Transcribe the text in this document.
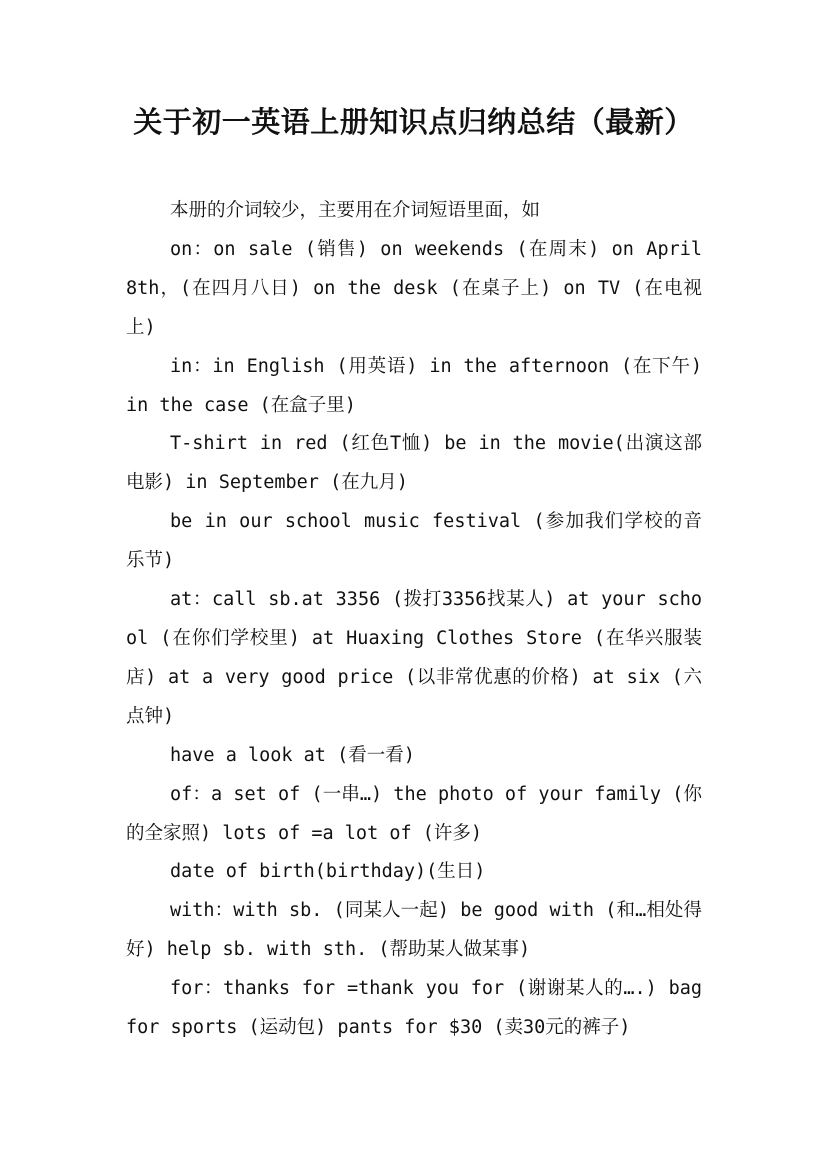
关于初一英语上册知识点归纳总结（最新）

本册的介词较少，主要用在介词短语里面，如

on：on sale (销售) on weekends (在周末) on April 8th，(在四月八日) on the desk (在桌子上) on TV (在电视上)

in：in English (用英语) in the afternoon (在下午) in the case (在盒子里)

T-shirt in red (红色T恤) be in the movie(出演这部电影) in September (在九月)

be in our school music festival (参加我们学校的音乐节)

at：call sb.at 3356 (拨打3356找某人) at your school (在你们学校里) at Huaxing Clothes Store (在华兴服装店) at a very good price (以非常优惠的价格) at six (六点钟)

have a look at (看一看)

of：a set of (一串…) the photo of your family (你的全家照) lots of =a lot of (许多)

date of birth(birthday)(生日)

with：with sb. (同某人一起) be good with (和…相处得好) help sb. with sth. (帮助某人做某事)

for：thanks for =thank you for (谢谢某人的….) bag for sports (运动包) pants for $30 (卖30元的裤子)
